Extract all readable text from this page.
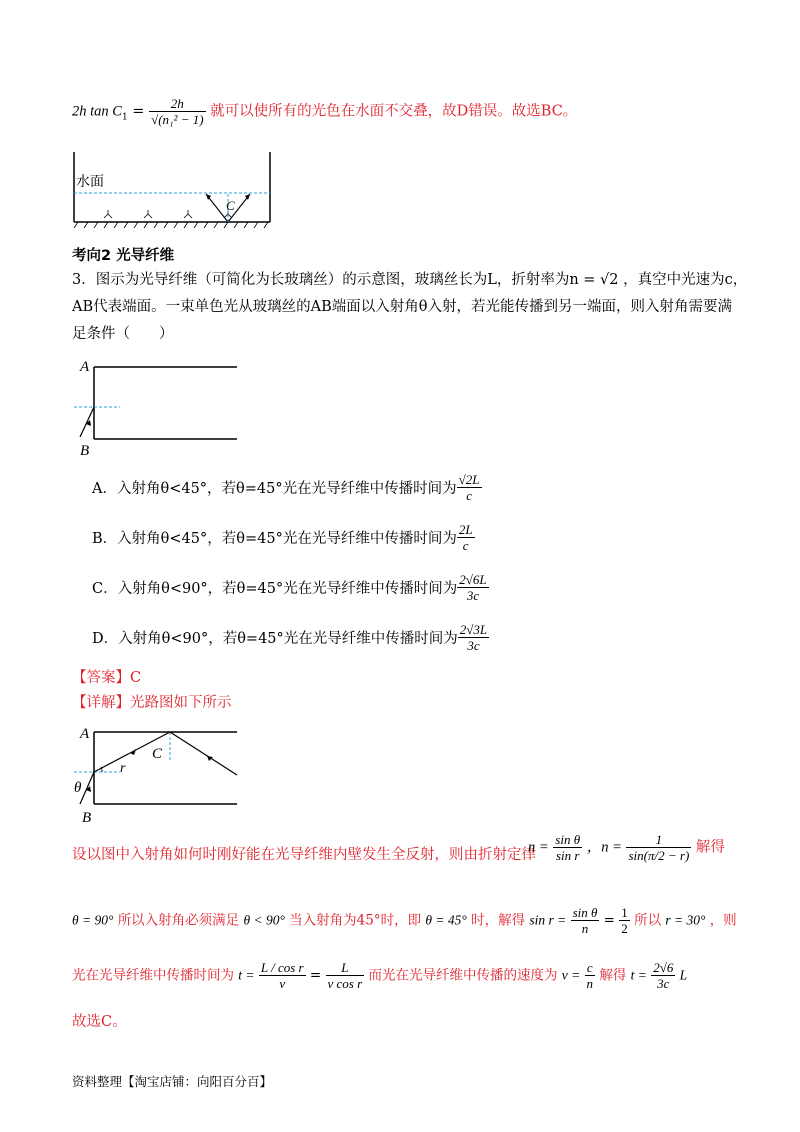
2h $\tan C_1 = \frac{2h}{\text{√(n₁² − 1)}}$ 就可以使所有的光色在水面不交叠，故D错误。故选BC。
水面
C
考向2 光导纤维
3．图示为光导纤维（可简化为长玻璃丝）的示意图，玻璃丝长为L，折射率为n = √2 ，真空中光速为c，
AB代表端面。一束单色光从玻璃丝的AB端面以入射角θ入射，若光能传播到另一端面，则入射角需要满
足条件（　　）
A
B
A．入射角θ<45°，若θ=45°光在光导纤维中传播时间为 $\frac{√2L}{c}$
B．入射角θ<45°，若θ=45°光在光导纤维中传播时间为 $\frac{2L}{c}$
C．入射角θ<90°，若θ=45°光在光导纤维中传播时间为 $\frac{2√6L}{3c}$
D．入射角θ<90°，若θ=45°光在光导纤维中传播时间为 $\frac{2√3L}{3c}$
【答案】C
【详解】光路图如下所示
A
B
C
r
θ
设以图中入射角如何时刚好能在光导纤维内壁发生全反射，则由折射定律
$n = \frac{\text{sin θ}}{\text{sin r}}$ ，$n = \frac{1}{\sin(\pi/2 - r)}$ 解得
θ = 90° 所以入射角必须满足 θ < 90° 当入射角为45°时，即 θ = 45° 时，解得 $\sin r = \frac{\text{sin θ}}{n} = \frac{1}{2}$ 所以 r = 30° ，则
光在光导纤维中传播时间为 $t = \frac{\text{L / cos r}}{v} = \frac{L}{\text{v cos r}}$ 而光在光导纤维中传播的速度为 $v = \frac{c}{n}$ 解得 $t = \frac{2√6}{3c}$ L
故选C。
资料整理【淘宝店铺：向阳百分百】
